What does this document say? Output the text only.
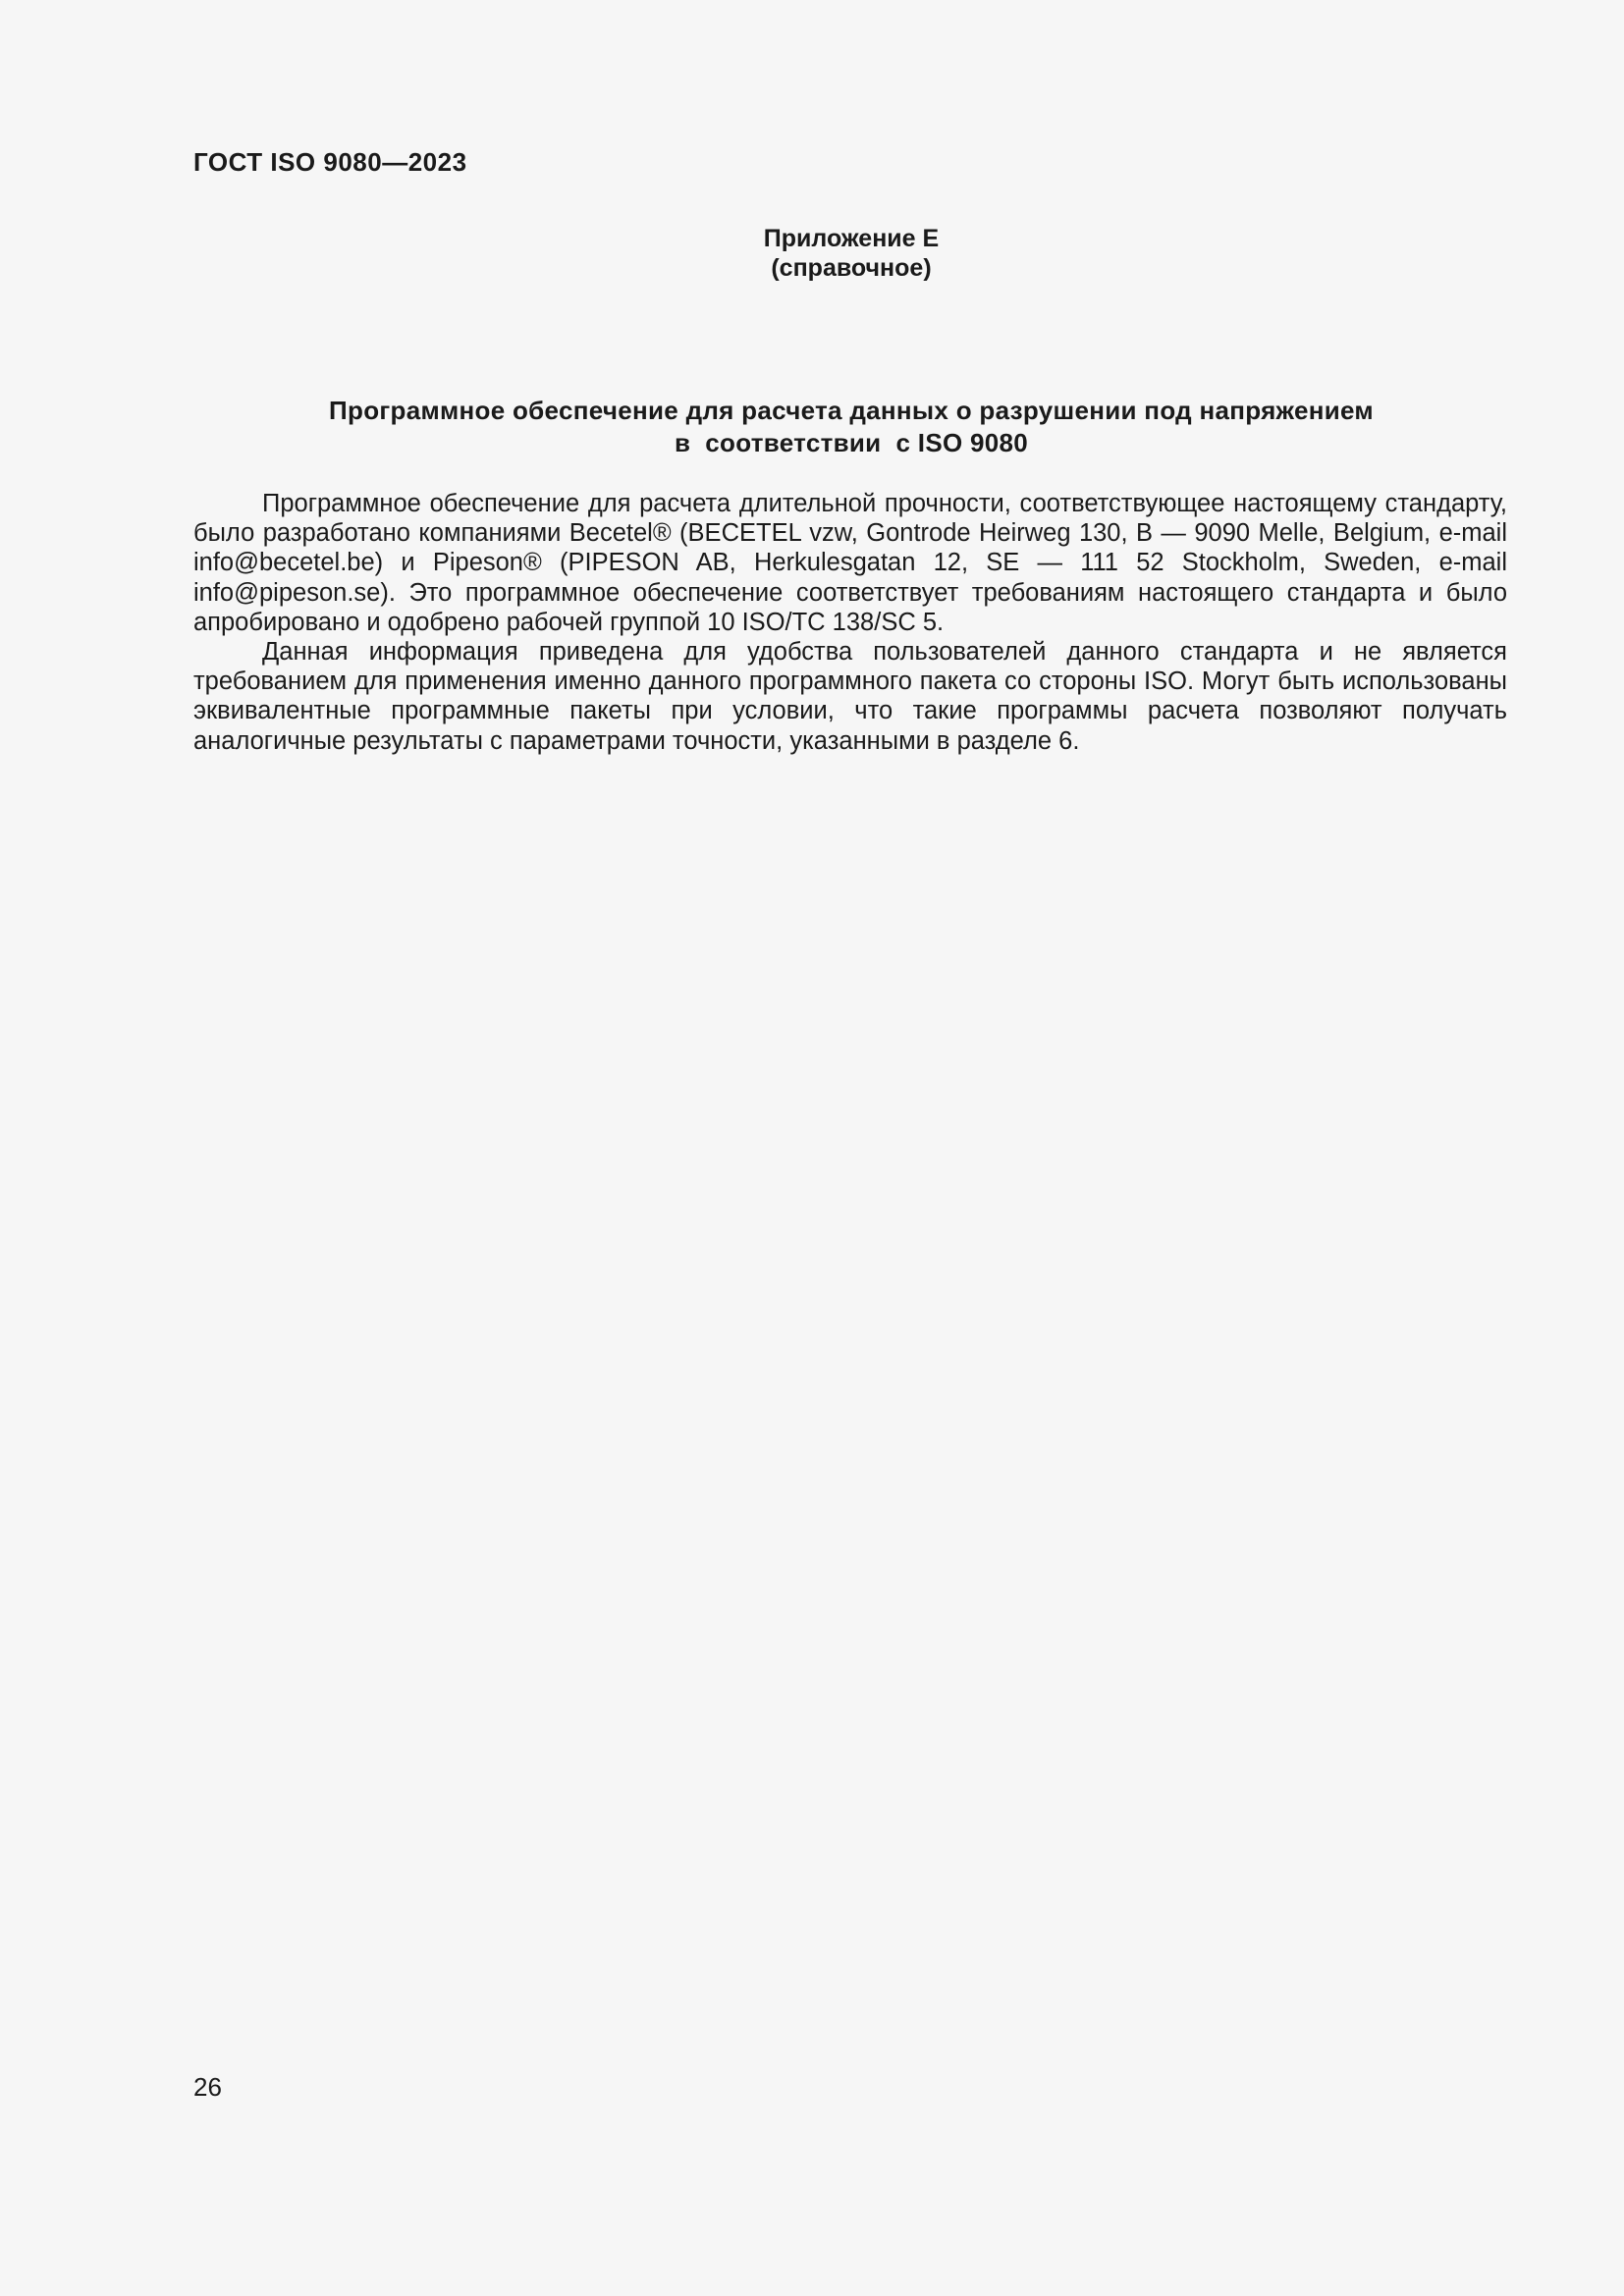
ГОСТ ISO 9080—2023
Приложение Е
(справочное)
Программное обеспечение для расчета данных о разрушении под напряжением
в  соответствии  с ISO 9080

Программное обеспечение для расчета длительной прочности, соответствующее настоящему стандарту, было разработано компаниями Becetel® (BECETEL vzw, Gontrode Heirweg 130, B — 9090 Melle, Belgium, e-mail info@becetel.be) и Pipeson® (PIPESON AB, Herkulesgatan 12, SE — 111 52 Stockholm, Sweden, e-mail info@pipeson.se). Это программное обеспечение соответствует требованиям настоящего стандарта и было апробировано и одобрено рабочей группой 10 ISO/TC 138/SC 5.

Данная информация приведена для удобства пользователей данного стандарта и не является требованием для применения именно данного программного пакета со стороны ISO. Могут быть использованы эквивалентные программные пакеты при условии, что такие программы расчета позволяют получать аналогичные результаты с параметрами точности, указанными в разделе 6.

26
